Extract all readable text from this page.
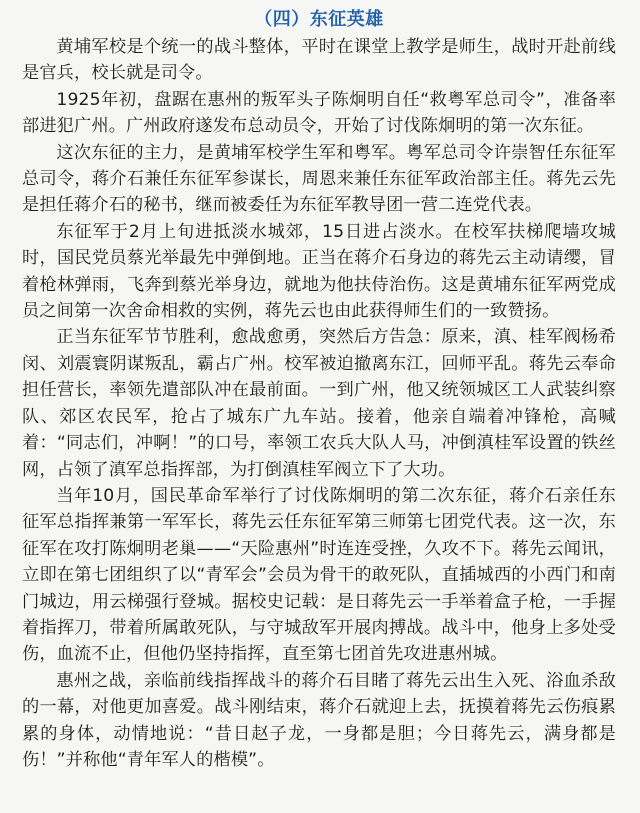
（四）东征英雄

黄埔军校是个统一的战斗整体，平时在课堂上教学是师生，战时开赴前线是官兵，校长就是司令。

1925年初，盘踞在惠州的叛军头子陈炯明自任“救粤军总司令”，准备率部进犯广州。广州政府遂发布总动员令，开始了讨伐陈炯明的第一次东征。

这次东征的主力，是黄埔军校学生军和粤军。粤军总司令许崇智任东征军总司令，蒋介石兼任东征军参谋长，周恩来兼任东征军政治部主任。蒋先云先是担任蒋介石的秘书，继而被委任为东征军教导团一营二连党代表。

东征军于2月上旬进抵淡水城郊，15日进占淡水。在校军扶梯爬墙攻城时，国民党员蔡光举最先中弹倒地。正当在蒋介石身边的蒋先云主动请缨，冒着枪林弹雨，飞奔到蔡光举身边，就地为他扶侍治伤。这是黄埔东征军两党成员之间第一次舍命相救的实例，蒋先云也由此获得师生们的一致赞扬。

正当东征军节节胜利，愈战愈勇，突然后方告急：原来，滇、桂军阀杨希闵、刘震寰阴谋叛乱，霸占广州。校军被迫撤离东江，回师平乱。蒋先云奉命担任营长，率领先遣部队冲在最前面。一到广州，他又统领城区工人武装纠察队、郊区农民军，抢占了城东广九车站。接着，他亲自端着冲锋枪，高喊着：“同志们，冲啊！”的口号，率领工农兵大队人马，冲倒滇桂军设置的铁丝网，占领了滇军总指挥部，为打倒滇桂军阀立下了大功。

当年10月，国民革命军举行了讨伐陈炯明的第二次东征，蒋介石亲任东征军总指挥兼第一军军长，蒋先云任东征军第三师第七团党代表。这一次，东征军在攻打陈炯明老巢——“天险惠州”时连连受挫，久攻不下。蒋先云闻讯，立即在第七团组织了以“青军会”会员为骨干的敢死队，直插城西的小西门和南门城边，用云梯强行登城。据校史记载：是日蒋先云一手举着盒子枪，一手握着指挥刀，带着所属敢死队，与守城敌军开展肉搏战。战斗中，他身上多处受伤，血流不止，但他仍坚持指挥，直至第七团首先攻进惠州城。

惠州之战，亲临前线指挥战斗的蒋介石目睹了蒋先云出生入死、浴血杀敌的一幕，对他更加喜爱。战斗刚结束，蒋介石就迎上去，抚摸着蒋先云伤痕累累的身体，动情地说：“昔日赵子龙，一身都是胆；今日蒋先云，满身都是伤！”并称他“青年军人的楷模”。
